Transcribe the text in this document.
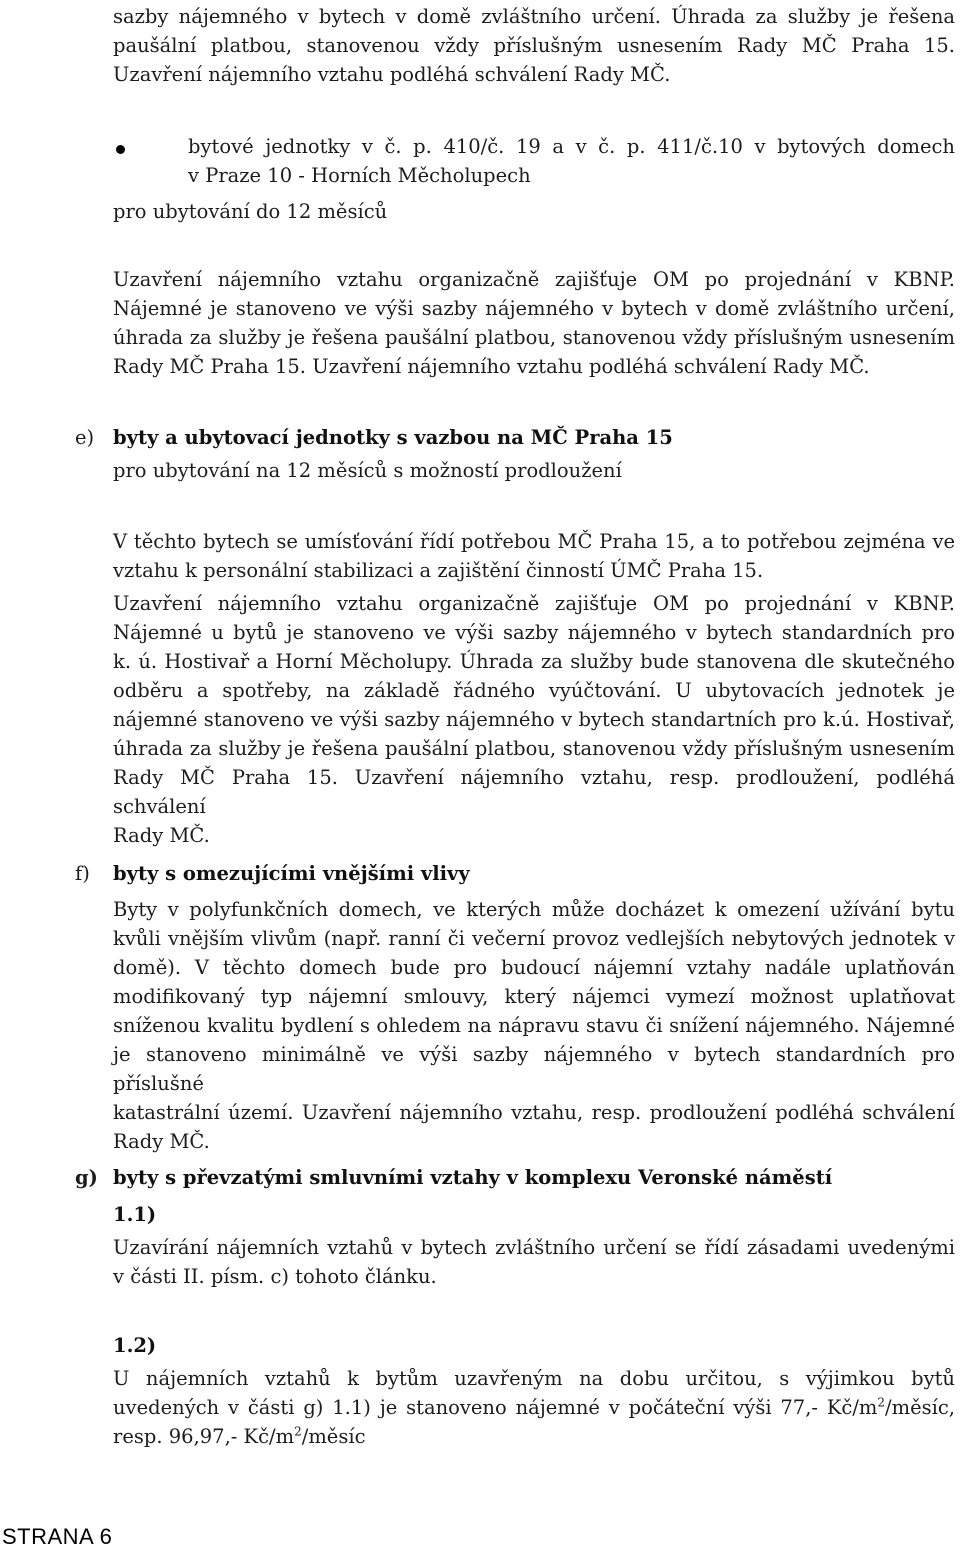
sazby nájemného v bytech v domě zvláštního určení. Úhrada za služby je řešena
paušální platbou, stanovenou vždy příslušným usnesením Rady MČ Praha 15.
Uzavření nájemního vztahu podléhá schválení Rady MČ.
bytové jednotky v č. p. 410/č. 19 a v č. p. 411/č.10 v bytových domech
v Praze 10 - Horních Měcholupech
pro ubytování do 12 měsíců
Uzavření nájemního vztahu organizačně zajišťuje OM po projednání v KBNP.
Nájemné je stanoveno ve výši sazby nájemného v bytech v domě zvláštního určení,
úhrada za služby je řešena paušální platbou, stanovenou vždy příslušným usnesením
Rady MČ Praha 15. Uzavření nájemního vztahu podléhá schválení Rady MČ.
e) byty a ubytovací jednotky s vazbou na MČ Praha 15
pro ubytování na 12 měsíců s možností prodloužení
V těchto bytech se umísťování řídí potřebou MČ Praha 15, a to potřebou zejména ve
vztahu k personální stabilizaci a zajištění činností ÚMČ Praha 15.
Uzavření nájemního vztahu organizačně zajišťuje OM po projednání v KBNP.
Nájemné u bytů je stanoveno ve výši sazby nájemného v bytech standardních pro
k. ú. Hostivař a Horní Měcholupy. Úhrada za služby bude stanovena dle skutečného
odběru a spotřeby, na základě řádného vyúčtování. U ubytovacích jednotek je
nájemné stanoveno ve výši sazby nájemného v bytech standartních pro k.ú. Hostivař,
úhrada za služby je řešena paušální platbou, stanovenou vždy příslušným usnesením
Rady MČ Praha 15. Uzavření nájemního vztahu, resp. prodloužení, podléhá schválení
Rady MČ.
f) byty s omezujícími vnějšími vlivy
Byty v polyfunkčních domech, ve kterých může docházet k omezení užívání bytu
kvůli vnějším vlivům (např. ranní či večerní provoz vedlejších nebytových jednotek v
domě). V těchto domech bude pro budoucí nájemní vztahy nadále uplatňován
modifikovaný typ nájemní smlouvy, který nájemci vymezí možnost uplatňovat
sníženou kvalitu bydlení s ohledem na nápravu stavu či snížení nájemného. Nájemné
je stanoveno minimálně ve výši sazby nájemného v bytech standardních pro příslušné
katastrální území. Uzavření nájemního vztahu, resp. prodloužení podléhá schválení
Rady MČ.
g) byty s převzatými smluvními vztahy v komplexu Veronské náměstí
1.1)
Uzavírání nájemních vztahů v bytech zvláštního určení se řídí zásadami uvedenými
v části II. písm. c) tohoto článku.
1.2)
U nájemních vztahů k bytům uzavřeným na dobu určitou, s výjimkou bytů
uvedených v části g) 1.1) je stanoveno nájemné v počáteční výši 77,- $Kč/m^2$/měsíc,
resp. 96,97,- $Kč/m^2$/měsíc
STRANA 6
